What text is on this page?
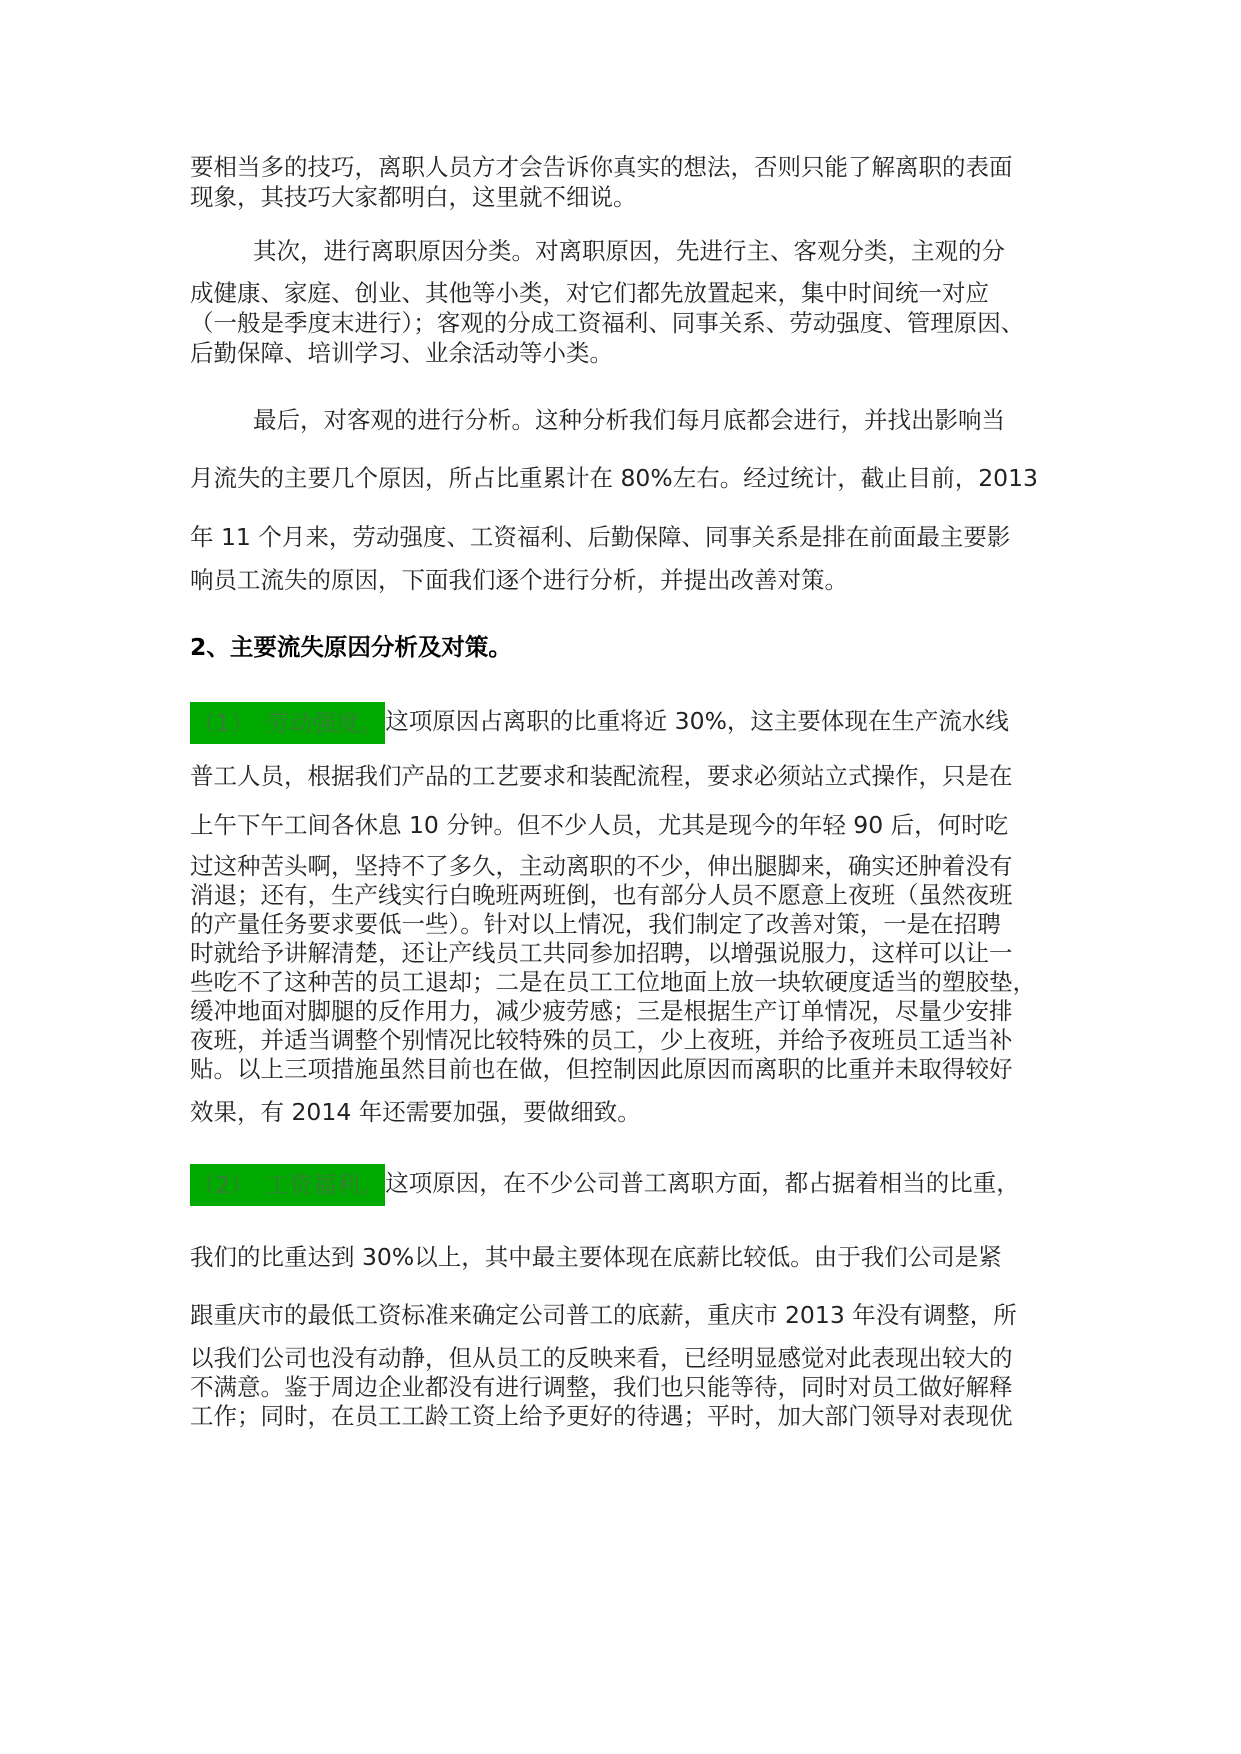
要相当多的技巧，离职人员方才会告诉你真实的想法，否则只能了解离职的表面
现象，其技巧大家都明白，这里就不细说。
其次，进行离职原因分类。对离职原因，先进行主、客观分类，主观的分
成健康、家庭、创业、其他等小类，对它们都先放置起来，集中时间统一对应
（一般是季度末进行）；客观的分成工资福利、同事关系、劳动强度、管理原因、
后勤保障、培训学习、业余活动等小类。
最后，对客观的进行分析。这种分析我们每月底都会进行，并找出影响当
月流失的主要几个原因，所占比重累计在 80%左右。经过统计，截止目前，2013
年 11 个月来，劳动强度、工资福利、后勤保障、同事关系是排在前面最主要影
响员工流失的原因，下面我们逐个进行分析，并提出改善对策。
2、主要流失原因分析及对策。
（1）　劳动强度。这项原因占离职的比重将近 30%，这主要体现在生产流水线
普工人员，根据我们产品的工艺要求和装配流程，要求必须站立式操作，只是在
上午下午工间各休息 10 分钟。但不少人员，尤其是现今的年轻 90 后，何时吃
过这种苦头啊，坚持不了多久，主动离职的不少，伸出腿脚来，确实还肿着没有
消退；还有，生产线实行白晚班两班倒，也有部分人员不愿意上夜班（虽然夜班
的产量任务要求要低一些）。针对以上情况，我们制定了改善对策，一是在招聘
时就给予讲解清楚，还让产线员工共同参加招聘，以增强说服力，这样可以让一
些吃不了这种苦的员工退却；二是在员工工位地面上放一块软硬度适当的塑胶垫，
缓冲地面对脚腿的反作用力，减少疲劳感；三是根据生产订单情况，尽量少安排
夜班，并适当调整个别情况比较特殊的员工，少上夜班，并给予夜班员工适当补
贴。以上三项措施虽然目前也在做，但控制因此原因而离职的比重并未取得较好
效果，有 2014 年还需要加强，要做细致。
（2）　工资福利。这项原因，在不少公司普工离职方面，都占据着相当的比重，
我们的比重达到 30%以上，其中最主要体现在底薪比较低。由于我们公司是紧
跟重庆市的最低工资标准来确定公司普工的底薪，重庆市 2013 年没有调整，所
以我们公司也没有动静，但从员工的反映来看，已经明显感觉对此表现出较大的
不满意。鉴于周边企业都没有进行调整，我们也只能等待，同时对员工做好解释
工作；同时，在员工工龄工资上给予更好的待遇；平时，加大部门领导对表现优
